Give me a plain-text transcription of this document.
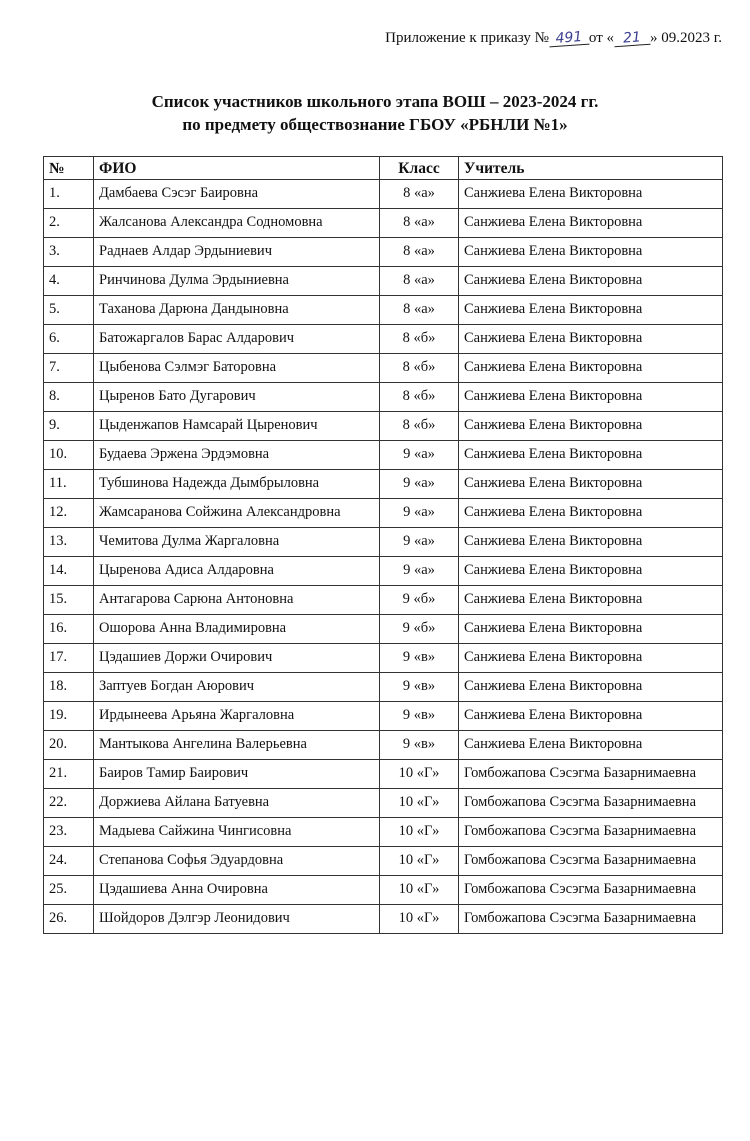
Приложение к приказу № 491 от « 21 » 09.2023 г.
Список участников школьного этапа ВОШ – 2023-2024 гг.
по предмету обществознание ГБОУ «РБНЛИ №1»
№	ФИО	Класс	Учитель
1.	Дамбаева Сэсэг Баировна	8 «а»	Санжиева Елена Викторовна
2.	Жалсанова Александра Содномовна	8 «а»	Санжиева Елена Викторовна
3.	Раднаев Алдар Эрдыниевич	8 «а»	Санжиева Елена Викторовна
4.	Ринчинова Дулма Эрдыниевна	8 «а»	Санжиева Елена Викторовна
5.	Таханова Дарюна Дандыновна	8 «а»	Санжиева Елена Викторовна
6.	Батожаргалов Барас Алдарович	8 «б»	Санжиева Елена Викторовна
7.	Цыбенова Сэлмэг Баторовна	8 «б»	Санжиева Елена Викторовна
8.	Цыренов Бато Дугарович	8 «б»	Санжиева Елена Викторовна
9.	Цыденжапов Намсарай Цыренович	8 «б»	Санжиева Елена Викторовна
10.	Будаева Эржена Эрдэмовна	9 «а»	Санжиева Елена Викторовна
11.	Тубшинова Надежда Дымбрыловна	9 «а»	Санжиева Елена Викторовна
12.	Жамсаранова Сойжина Александровна	9 «а»	Санжиева Елена Викторовна
13.	Чемитова Дулма Жаргаловна	9 «а»	Санжиева Елена Викторовна
14.	Цыренова Адиса Алдаровна	9 «а»	Санжиева Елена Викторовна
15.	Антагарова Сарюна Антоновна	9 «б»	Санжиева Елена Викторовна
16.	Ошорова Анна Владимировна	9 «б»	Санжиева Елена Викторовна
17.	Цэдашиев Доржи Очирович	9 «в»	Санжиева Елена Викторовна
18.	Заптуев Богдан Аюрович	9 «в»	Санжиева Елена Викторовна
19.	Ирдынеева Арьяна Жаргаловна	9 «в»	Санжиева Елена Викторовна
20.	Мантыкова Ангелина Валерьевна	9 «в»	Санжиева Елена Викторовна
21.	Баиров Тамир Баирович	10 «Г»	Гомбожапова Сэсэгма Базарнимаевна
22.	Доржиева Айлана Батуевна	10 «Г»	Гомбожапова Сэсэгма Базарнимаевна
23.	Мадыева Сайжина Чингисовна	10 «Г»	Гомбожапова Сэсэгма Базарнимаевна
24.	Степанова Софья Эдуардовна	10 «Г»	Гомбожапова Сэсэгма Базарнимаевна
25.	Цэдашиева Анна Очировна	10 «Г»	Гомбожапова Сэсэгма Базарнимаевна
26.	Шойдоров Дэлгэр Леонидович	10 «Г»	Гомбожапова Сэсэгма Базарнимаевна
